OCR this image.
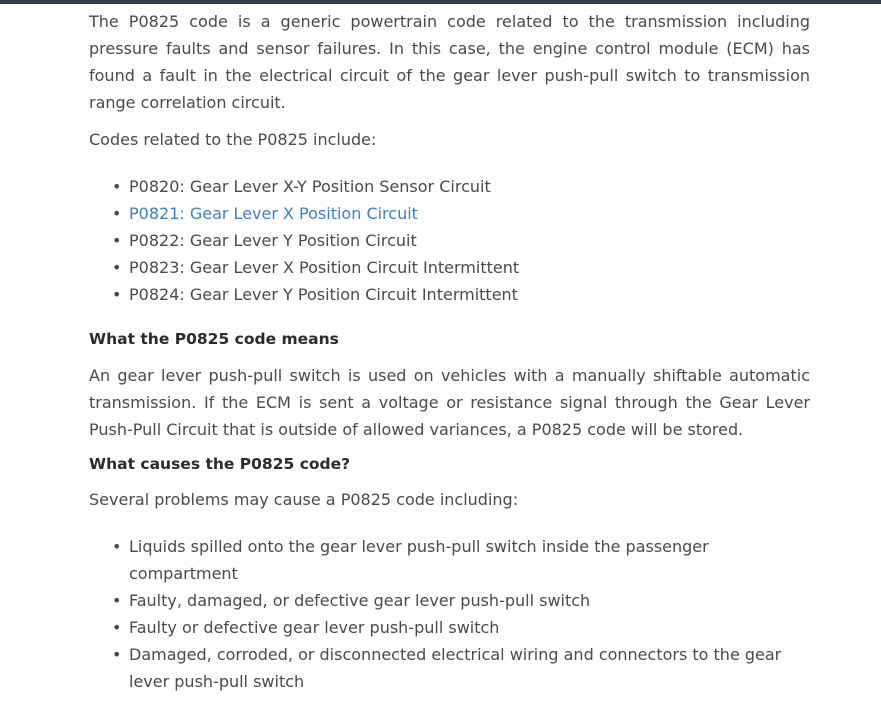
The P0825 code is a generic powertrain code related to the transmission including pressure faults and sensor failures. In this case, the engine control module (ECM) has found a fault in the electrical circuit of the gear lever push-pull switch to transmission range correlation circuit.

Codes related to the P0825 include:

• P0820: Gear Lever X-Y Position Sensor Circuit
• P0821: Gear Lever X Position Circuit
• P0822: Gear Lever Y Position Circuit
• P0823: Gear Lever X Position Circuit Intermittent
• P0824: Gear Lever Y Position Circuit Intermittent
What the P0825 code means

An gear lever push-pull switch is used on vehicles with a manually shiftable automatic transmission. If the ECM is sent a voltage or resistance signal through the Gear Lever Push-Pull Circuit that is outside of allowed variances, a P0825 code will be stored.

What causes the P0825 code?

Several problems may cause a P0825 code including:

• Liquids spilled onto the gear lever push-pull switch inside the passenger compartment
• Faulty, damaged, or defective gear lever push-pull switch
• Faulty or defective gear lever push-pull switch
• Damaged, corroded, or disconnected electrical wiring and connectors to the gear lever push-pull switch
